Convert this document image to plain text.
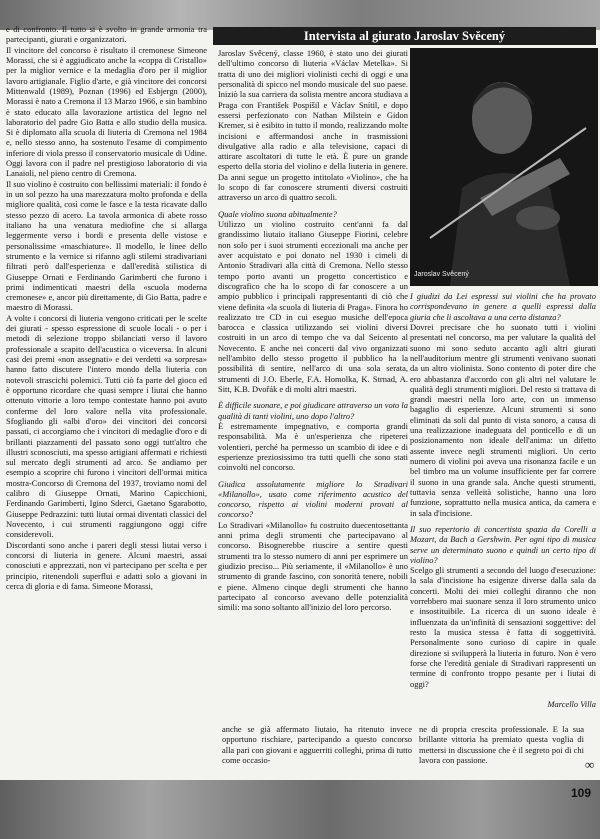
e di confronto. Il tutto si è svolto in grande armonia tra partecipanti, giurati e organizzatori.

Il vincitore del concorso è risultato il cremonese Simeone Morassi, che si è aggiudicato anche la «coppa di Cristallo» per la miglior vernice e la medaglia d'oro per il miglior lavoro artigianale. Figlio d'arte, e già vincitore dei concorsi Mittenwald (1989), Poznan (1996) ed Esbjergn (2000), Morassi è nato a Cremona il 13 Marzo 1966, e sin bambino è stato educato alla lavorazione artistica del legno nel laboratorio del padre Gio Batta e allo studio della musica. Si è diplomato alla scuola di liuteria di Cremona nel 1984 e, nello stesso anno, ha sostenuto l'esame di compimento inferiore di viola presso il conservatorio musicale di Udine. Oggi lavora con il padre nel prestigioso laboratorio di via Lanaioli, nel pieno centro di Cremona.

Il suo violino è costruito con bellissimi materiali: il fondo è in un sol pezzo ha una marezzatura molto profonda e della migliore qualità, così come le fasce e la testa ricavate dallo stesso pezzo di acero. La tavola armonica di abete rosso italiano ha una venatura mediofine che si allarga leggermente verso i bordi e presenta delle vistose e personalissime «maschiature». Il modello, le linee dello strumento e la vernice si rifanno agli stilemi stradivariani filtrati però dall'esperienza e dall'eredità stilistica di Giuseppe Ornati e Ferdinando Garimberti che furono i primi indimenticati maestri della «scuola moderna cremonese» e, ancor più direttamente, di Gio Batta, padre e maestro di Morassi.

A volte i concorsi di liuteria vengono criticati per le scelte dei giurati - spesso espressione di scuole locali - o per i metodi di selezione troppo sbilanciati verso il lavoro professionale a scapito dell'acustica o viceversa. In alcuni casi dei premi «non assegnati» e dei verdetti «a sorpresa» hanno fatto discutere l'intero mondo della liuteria con notevoli strascichi polemici. Tutti ciò fa parte del gioco ed è opportuno ricordare che quasi sempre i liutai che hanno ottenuto vittorie a loro tempo contestate hanno poi avuto conferme del loro valore nella vita professionale. Sfogliando gli «albi d'oro» dei vincitori dei concorsi passati, ci accorgiamo che i vincitori di medaglie d'oro e di brillanti piazzamenti del passato sono oggi tutt'altro che illustri sconosciuti, ma spesso artigiani affermati e richiesti sul mercato degli strumenti ad arco. Se andiamo per esempio a scoprire chi furono i vincitori dell'ormai mitica mostra-Concorso di Cremona del 1937, troviamo nomi del calibro di Giuseppe Ornati, Marino Capicchioni, Ferdinando Garimberti, Igino Sderci, Gaetano Sgarabotto, Giuseppe Pedrazzini: tutti liutai ormai diventati classici del Novecento, i cui strumenti raggiungono oggi cifre considerevoli.

Discordanti sono anche i pareri degli stessi liutai verso i concorsi di liuteria in genere. Alcuni maestri, assai conosciuti e apprezzati, non vi partecipano per scelta e per principio, ritenendoli superflui e adatti solo a giovani in cerca di gloria e di fama. Simeone Morassi,

Intervista al giurato Jaroslav Svěcený

Jaroslav Svěcený, classe 1960, è stato uno dei giurati dell'ultimo concorso di liuteria «Václav Metelka». Si tratta di uno dei migliori violinisti cechi di oggi e una personalità di spicco nel mondo musicale del suo paese. Iniziò la sua carriera da solista mentre ancora studiava a Praga con František Pospíšil e Václav Snítil, e dopo essersi perfezionato con Nathan Milstein e Gidon Kremer, si è esibito in tutto il mondo, realizzando molte incisioni e affermandosi anche in trasmissioni divulgative alla radio e alla televisione, capaci di attirare ascoltatori di tutte le età. È pure un grande esperto della storia del violino e della liuteria in genere. Da anni segue un progetto intitolato «Violino», che ha lo scopo di far conoscere strumenti diversi costruiti attraverso un arco di quattro secoli.

Quale violino suona abitualmente?

Utilizzo un violino costruito cent'anni fa dal grandissimo liutaio italiano Giuseppe Fiorini, celebre non solo per i suoi strumenti eccezionali ma anche per aver acquistato e poi donato nel 1930 i cimeli di Antonio Stradivari alla città di Cremona. Nello stesso tempo porto avanti un progetto concertistico e discografico che ha lo scopo di far conoscere a un ampio pubblico i principali rappresentanti di ciò che viene definita «la scuola di liuteria di Praga». Finora ho realizzato tre CD in cui eseguo musiche dell'epoca barocca e classica utilizzando sei violini diversi costruiti in un arco di tempo che va dal Seicento al Novecento. E anche nei concerti dal vivo organizzati nell'ambito dello stesso progetto il pubblico ha la possibilità di sentire, nell'arco di una sola serata, strumenti di J.O. Eberle, F.A. Homolka, K. Strnad, A. Sitt, K.B. Dvořák e di molti altri maestri.

È difficile suonare, e poi giudicare attraverso un voto la qualità di tanti violini, uno dopo l'altro?

È estremamente impegnativo, e comporta grandi responsabilità. Ma è un'esperienza che ripeterei volentieri, perché ha permesso un scambio di idee e di esperienze preziosissimo tra tutti quelli che sono stati coinvolti nel concorso.

Giudica assolutamente migliore lo Stradivari «Milanollo», usato come riferimento acustico del concorso, rispetto ai violini moderni provati al concorso?

Lo Stradivari «Milanollo» fu costruito duecentosettanta anni prima degli strumenti che partecipavano al concorso. Bisognerebbe riuscire a sentire questi strumenti tra lo stesso numero di anni per esprimere un giudizio preciso... Più seriamente, il «Milanollo» è uno strumento di grande fascino, con sonorità tenere, nobili e piene. Almeno cinque degli strumenti che hanno partecipato al concorso avevano delle potenzialità simili: ma sono soltanto all'inizio del loro percorso.

Jaroslav Svěcený

I giudizi da Lei espressi sui violini che ha provato corrispondevano in genere a quelli espressi dalla giuria che li ascoltava a una certa distanza?

Dovrei precisare che ho suonato tutti i violini presentati nel concorso, ma per valutare la qualità del suono mi sono seduto accanto agli altri giurati nell'auditorium mentre gli strumenti venivano suonati da un altro violinista. Sono contento di poter dire che ero abbastanza d'accordo con gli altri nel valutare le qualità degli strumenti migliori. Del resto si trattava di grandi maestri nella loro arte, con un immenso bagaglio di esperienze. Alcuni strumenti si sono eliminati da soli dal punto di vista sonoro, a causa di una realizzazione inadeguata del ponticello e di un posizionamento non ideale dell'anima: un difetto assente invece negli strumenti migliori. Un certo numero di violini poi aveva una risonanza facile e un bel timbro ma un volume insufficiente per far correre il suono in una grande sala. Anche questi strumenti, tuttavia senza velleità solistiche, hanno una loro funzione, soprattutto nella musica antica, da camera e in sala d'incisione.

Il suo repertorio di concertista spazia da Corelli a Mozart, da Bach a Gershwin. Per ogni tipo di musica serve un determinato suono e quindi un certo tipo di violino?

Scelgo gli strumenti a secondo del luogo d'esecuzione: la sala d'incisione ha esigenze diverse dalla sala da concerti. Molti dei miei colleghi diranno che non vorrebbero mai suonare senza il loro strumento unico e insostituibile. La ricerca di un suono ideale è influenzata da un'infinità di sensazioni soggettive: del resto la musica stessa è fatta di soggettività. Personalmente sono curioso di capire in quale direzione si svilupperà la liuteria in futuro. Non è vero forse che l'eredità geniale di Stradivari rappresenti un termine di confronto troppo pesante per i liutai di oggi?

Marcello Villa

anche se già affermato liutaio, ha ritenuto invece opportuno rischiare, partecipando a questo concorso alla pari con giovani e agguerriti colleghi, prima di tutto come occasio-

ne di propria crescita professionale. E la sua brillante vittoria ha premiato questa voglia di mettersi in discussione che è il segreto poi di chi lavora con passione.	∞
109
